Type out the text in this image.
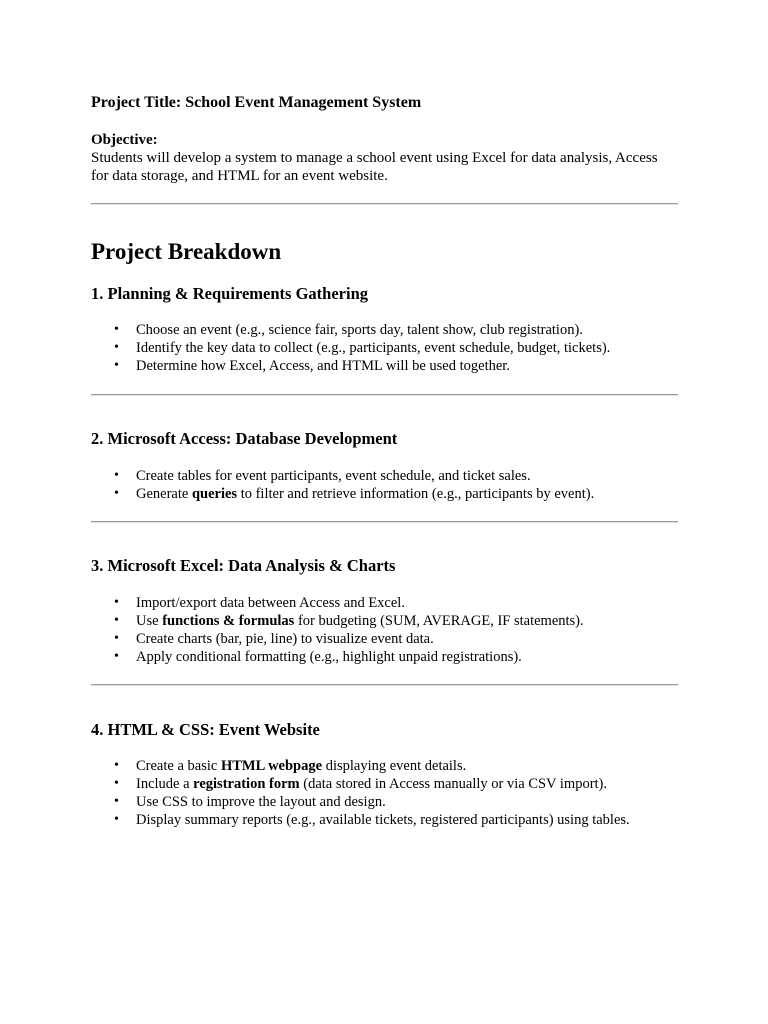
Project Title: School Event Management System
Objective:
Students will develop a system to manage a school event using Excel for data analysis, Access for data storage, and HTML for an event website.
Project Breakdown
1. Planning & Requirements Gathering
• Choose an event (e.g., science fair, sports day, talent show, club registration).
• Identify the key data to collect (e.g., participants, event schedule, budget, tickets).
• Determine how Excel, Access, and HTML will be used together.
2. Microsoft Access: Database Development
• Create tables for event participants, event schedule, and ticket sales.
• Generate queries to filter and retrieve information (e.g., participants by event).
3. Microsoft Excel: Data Analysis & Charts
• Import/export data between Access and Excel.
• Use functions & formulas for budgeting (SUM, AVERAGE, IF statements).
• Create charts (bar, pie, line) to visualize event data.
• Apply conditional formatting (e.g., highlight unpaid registrations).
4. HTML & CSS: Event Website
• Create a basic HTML webpage displaying event details.
• Include a registration form (data stored in Access manually or via CSV import).
• Use CSS to improve the layout and design.
• Display summary reports (e.g., available tickets, registered participants) using tables.
